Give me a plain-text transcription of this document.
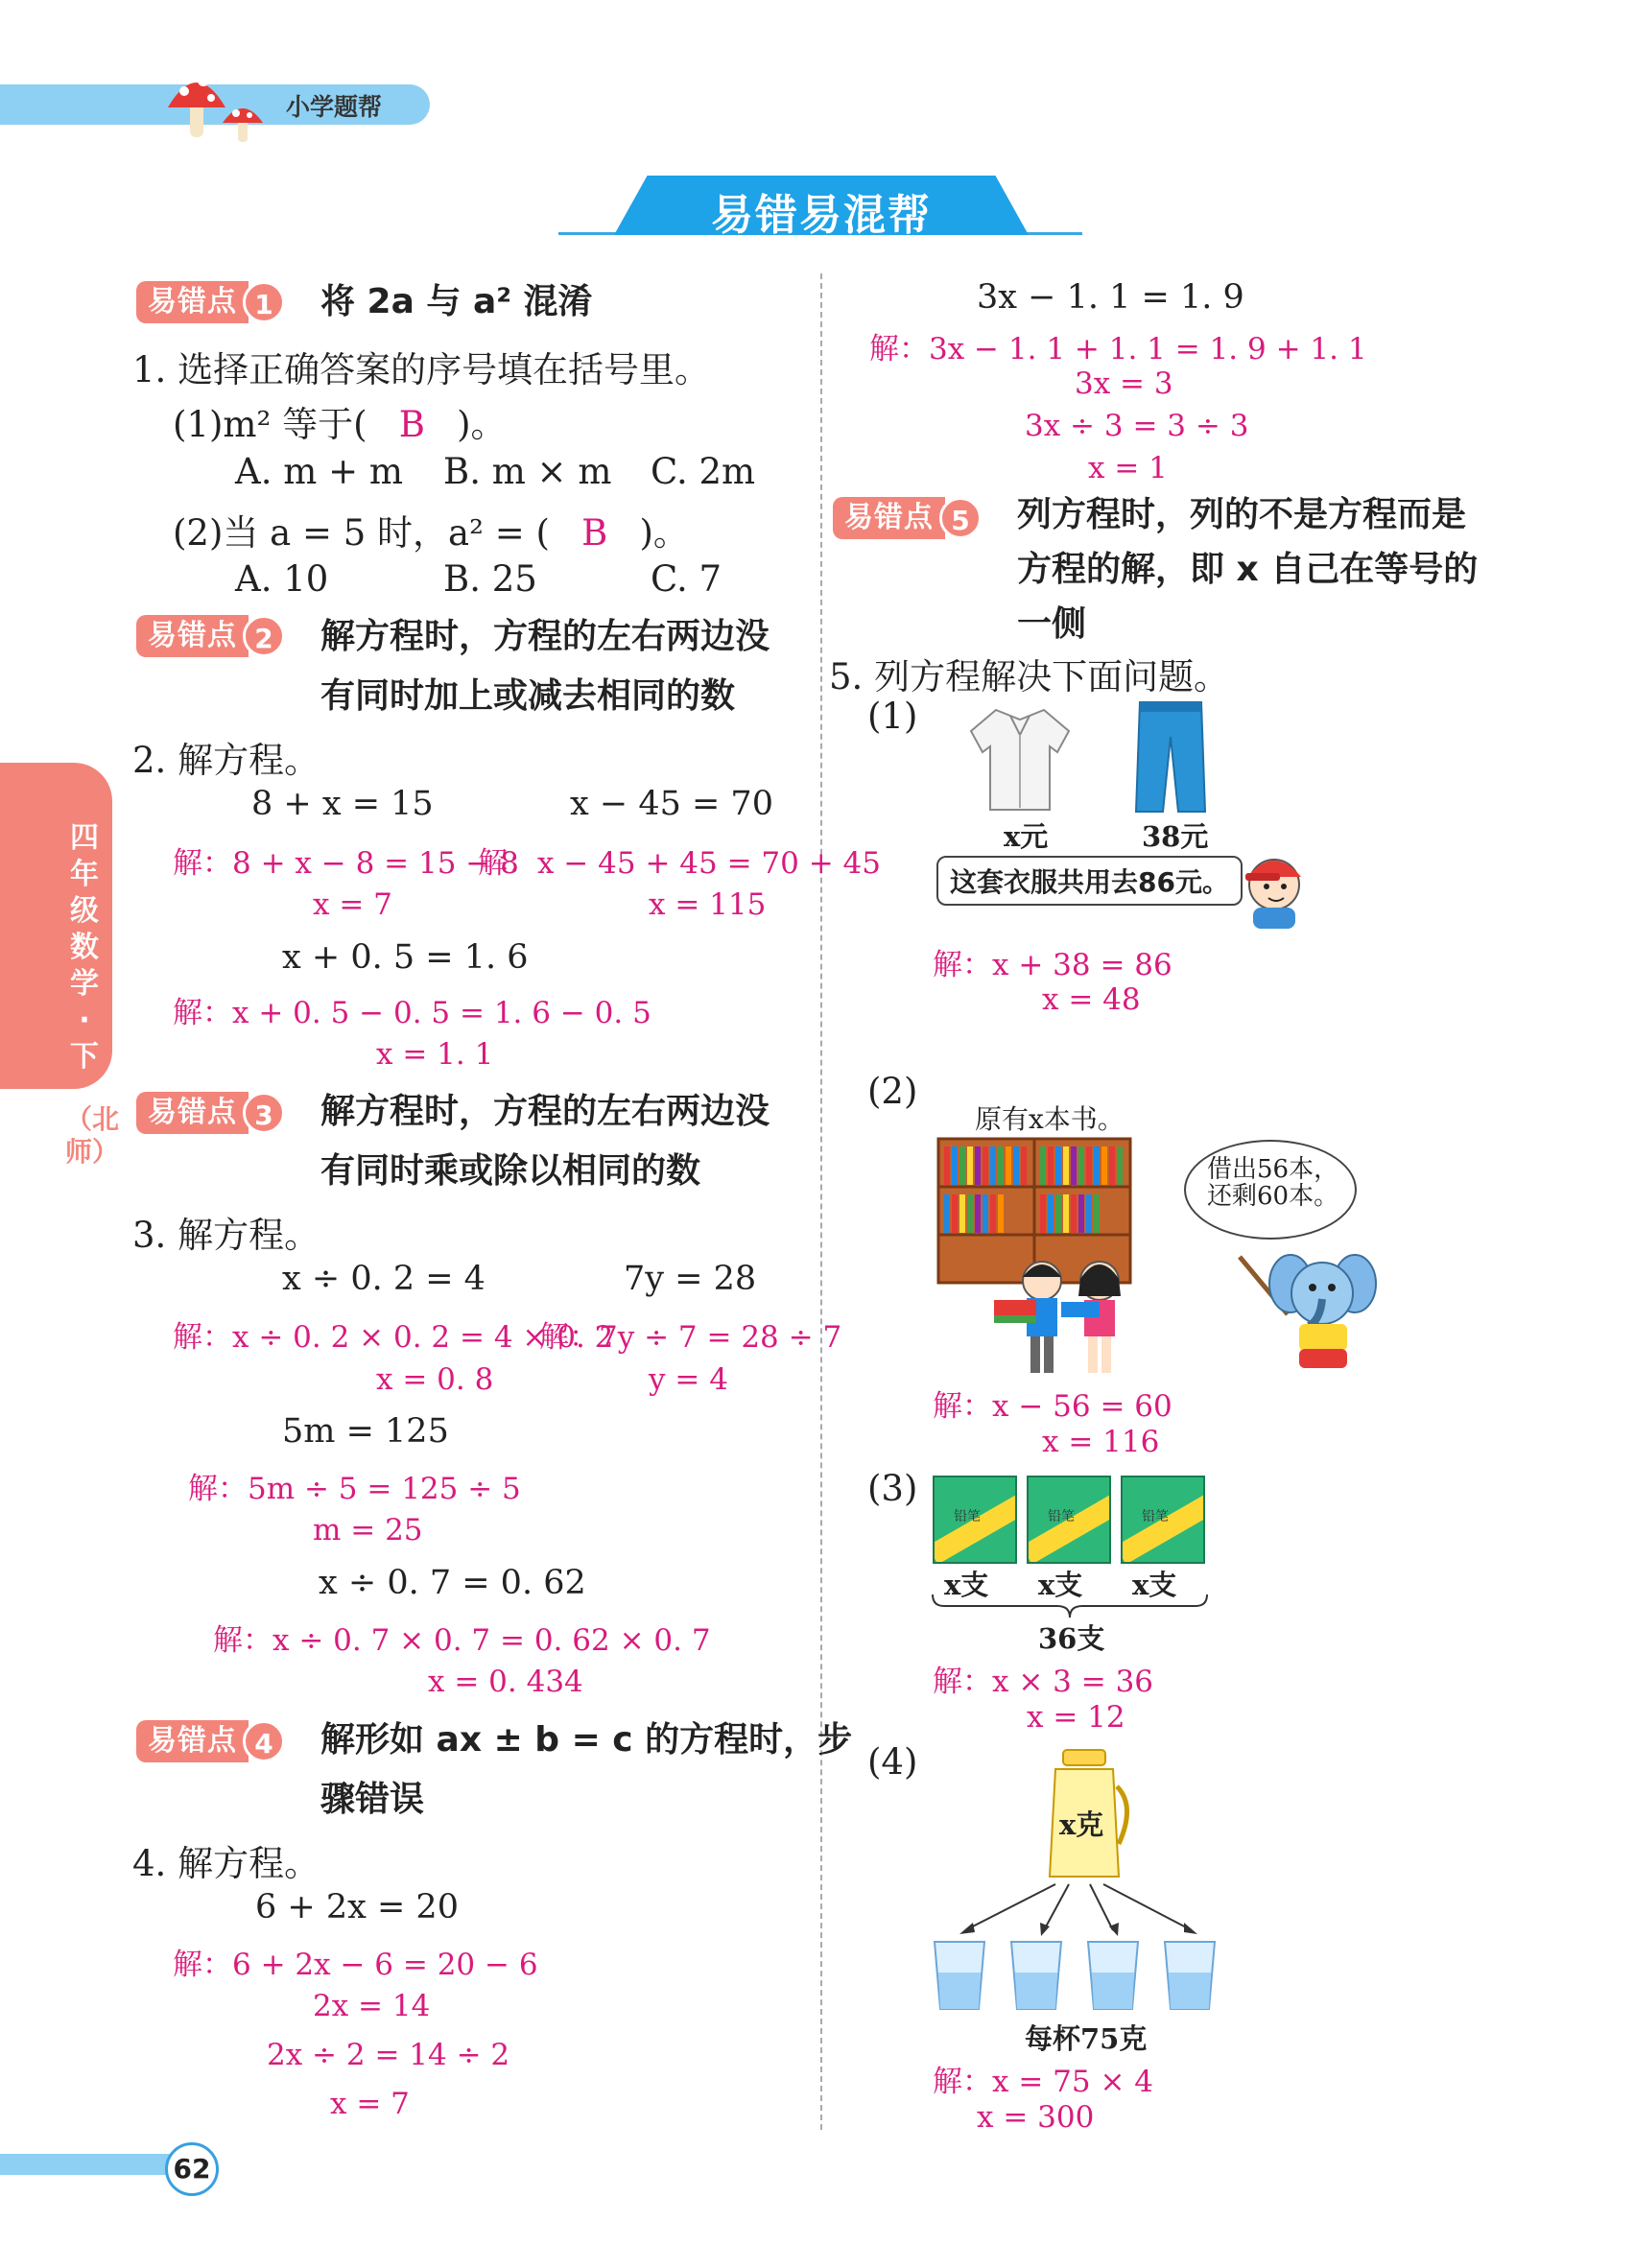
小学题帮
易错易混帮
四年级数学·下
（北师）
易错点 1	将 2a 与 a² 混淆
1. 选择正确答案的序号填在括号里。
(1)m² 等于( B )。
A. m + m B. m × m C. 2m
(2)当 a = 5 时，a² = ( B )。
A. 10	B. 25	C. 7
易错点 2	解方程时，方程的左右两边没
有同时加上或减去相同的数
2. 解方程。
8 + x = 15	x − 45 = 70
解：8 + x − 8 = 15 − 8
x = 7
解：x − 45 + 45 = 70 + 45
x = 115
x + 0. 5 = 1. 6
解：x + 0. 5 − 0. 5 = 1. 6 − 0. 5
x = 1. 1
易错点 3	解方程时，方程的左右两边没
有同时乘或除以相同的数
3. 解方程。
x ÷ 0. 2 = 4	7y = 28
解：x ÷ 0. 2 × 0. 2 = 4 × 0. 2
x = 0. 8
解：7y ÷ 7 = 28 ÷ 7
y = 4
5m = 125
解：5m ÷ 5 = 125 ÷ 5
m = 25
x ÷ 0. 7 = 0. 62
解：x ÷ 0. 7 × 0. 7 = 0. 62 × 0. 7
x = 0. 434
易错点 4	解形如 ax ± b = c 的方程时，步
骤错误
4. 解方程。
6 + 2x = 20
解：6 + 2x − 6 = 20 − 6
2x = 14
2x ÷ 2 = 14 ÷ 2
x = 7
3x − 1. 1 = 1. 9
解：3x − 1. 1 + 1. 1 = 1. 9 + 1. 1
3x = 3
3x ÷ 3 = 3 ÷ 3
x = 1
易错点 5	列方程时，列的不是方程而是
方程的解，即 x 自己在等号的
一侧
5. 列方程解决下面问题。
(1)
x元	38元
这套衣服共用去86元。
解：x + 38 = 86
x = 48
(2)
原有x本书。
借出56本，
还剩60本。
解：x − 56 = 60
x = 116
(3)
铅笔	铅笔	铅笔
x支 x支 x支
36支
解：x × 3 = 36
x = 12
(4)
x克
每杯75克
解：x = 75 × 4
x = 300
62
